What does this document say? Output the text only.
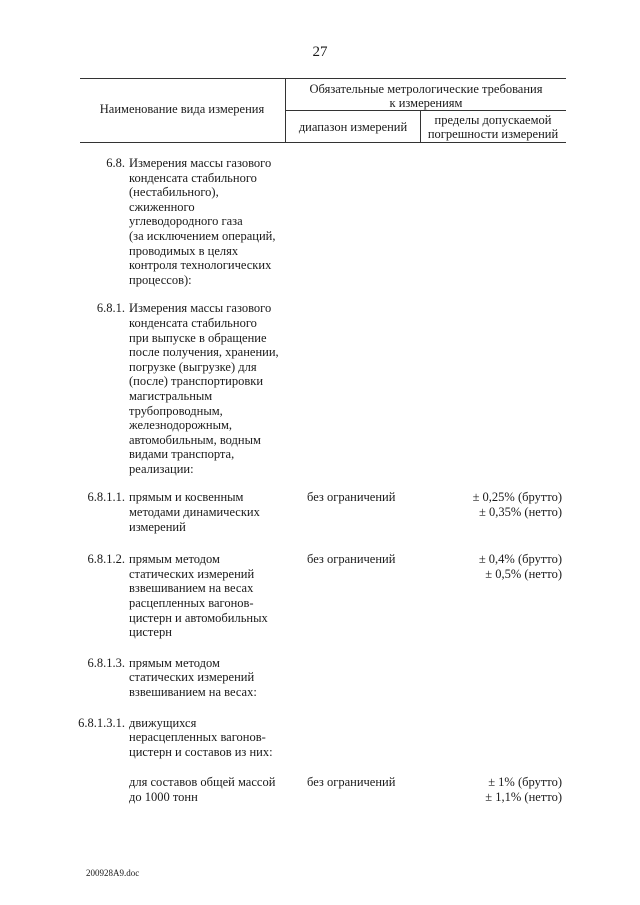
27
Наименование вида измерения
Обязательные метрологические требования
к измерениям
диапазон измерений	пределы допускаемой
погрешности измерений
6.8. Измерения массы газового
конденсата стабильного
(нестабильного),
сжиженного
углеводородного газа
(за исключением операций,
проводимых в целях
контроля технологических
процессов):
6.8.1. Измерения массы газового
конденсата стабильного
при выпуске в обращение
после получения, хранении,
погрузке (выгрузке) для
(после) транспортировки
магистральным
трубопроводным,
железнодорожным,
автомобильным, водным
видами транспорта,
реализации:
6.8.1.1. прямым и косвенным
методами динамических
измерений
без ограничений	± 0,25% (брутто)
± 0,35% (нетто)
6.8.1.2. прямым методом
статических измерений
взвешиванием на весах
расцепленных вагонов-
цистерн и автомобильных
цистерн
без ограничений	± 0,4% (брутто)
± 0,5% (нетто)
6.8.1.3. прямым методом
статических измерений
взвешиванием на весах:
6.8.1.3.1. движущихся
нерасцепленных вагонов-
цистерн и составов из них:
для составов общей массой
до 1000 тонн
без ограничений	± 1% (брутто)
± 1,1% (нетто)
200928A9.doc
